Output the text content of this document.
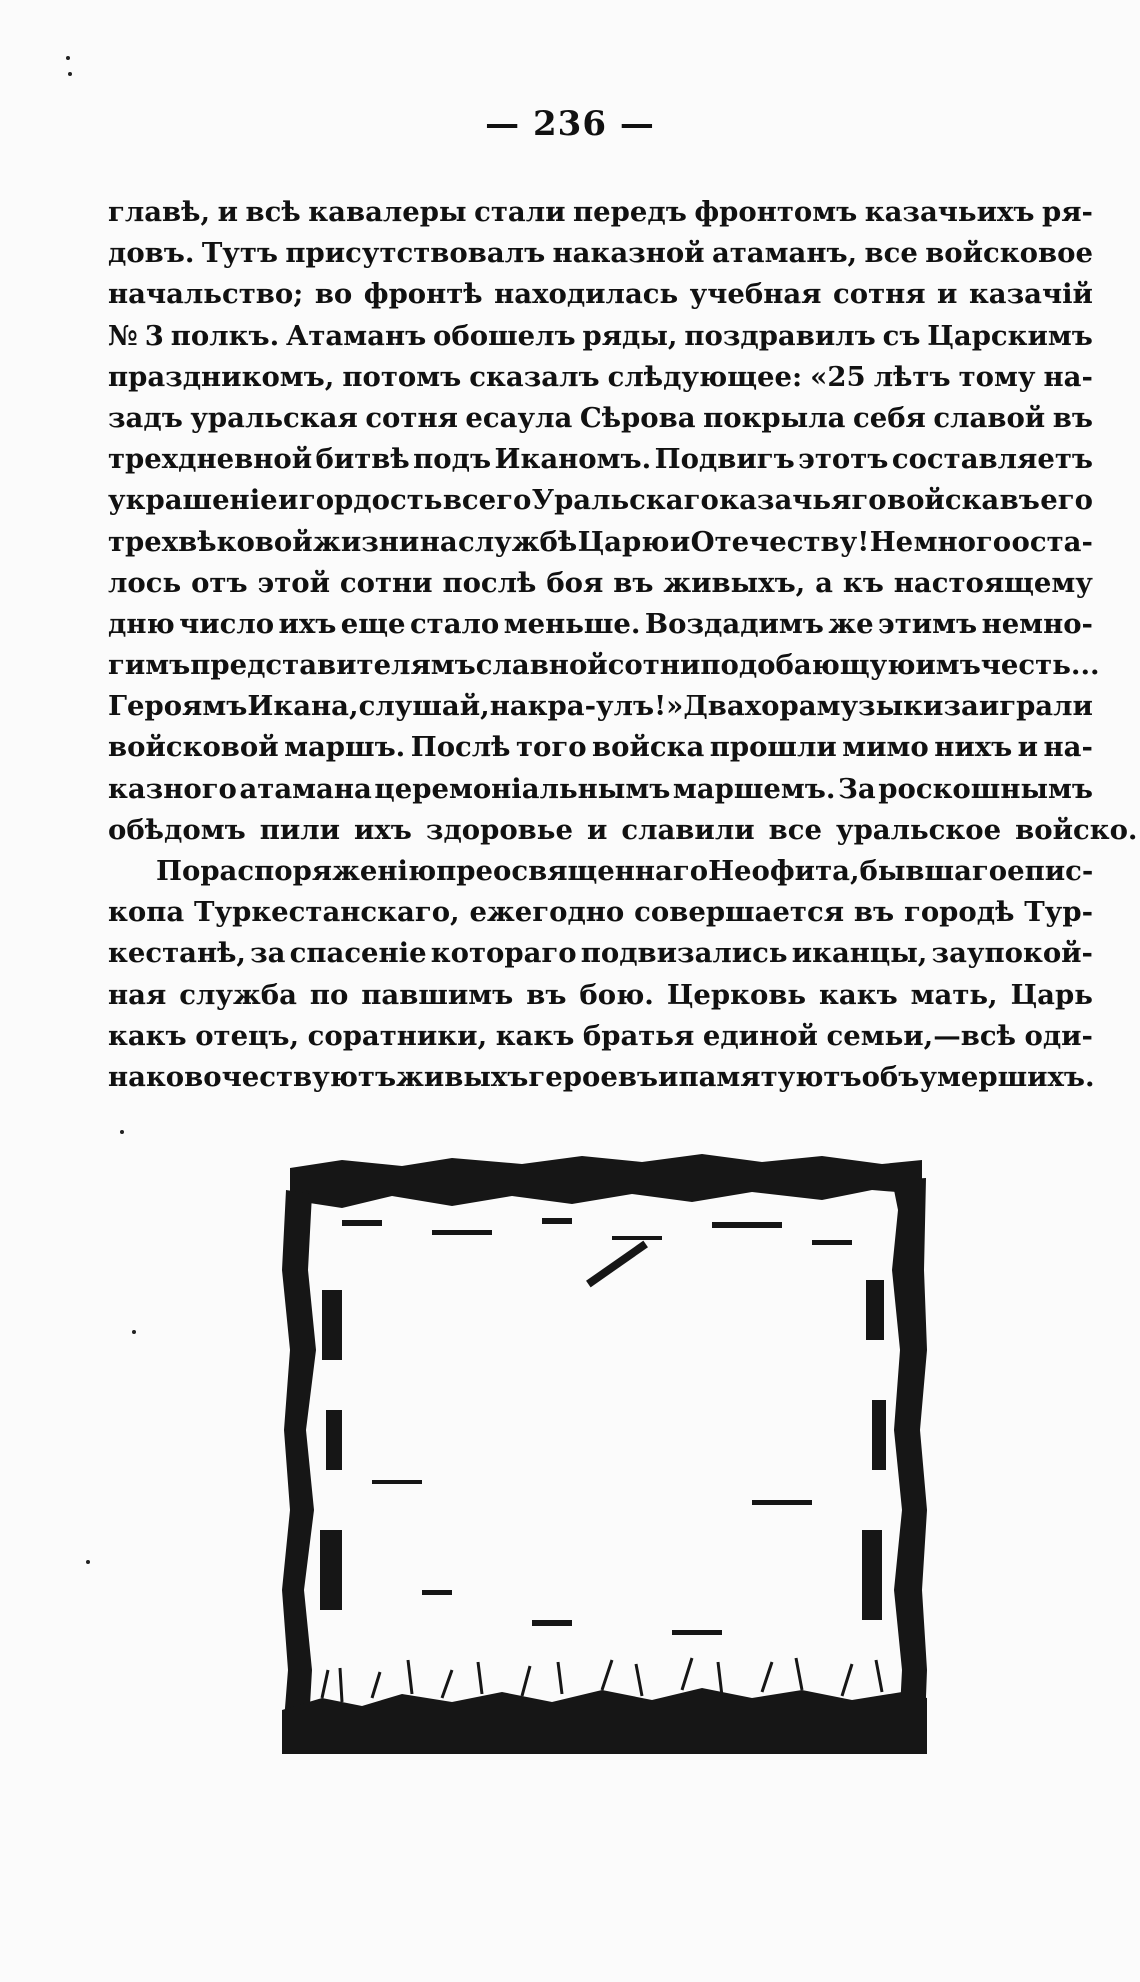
— 236 —
главѣ, и всѣ кавалеры стали передъ фронтомъ казачьихъ ря-
довъ. Тутъ присутствовалъ наказной атаманъ, все войсковое
начальство; во фронтѣ находилась учебная сотня и казачій
№ 3 полкъ. Атаманъ обошелъ ряды, поздравилъ съ Царскимъ
праздникомъ, потомъ сказалъ слѣдующее: «25 лѣтъ тому на-
задъ уральская сотня есаула Сѣрова покрыла себя славой въ
трехдневной битвѣ подъ Иканомъ. Подвигъ этотъ составляетъ
украшеніе и гордость всего Уральскаго казачьяго войска въ его
трехвѣковой жизни на службѣ Царю и Отечеству! Не много оста-
лось отъ этой сотни послѣ боя въ живыхъ, а къ настоящему
дню число ихъ еще стало меньше. Воздадимъ же этимъ немно-
гимъ представителямъ славной сотни подобающую имъ честь...
Героямъ Икана, слушай, на кра-улъ!» Два хора музыки заиграли
войсковой маршъ. Послѣ того войска прошли мимо нихъ и на-
казного атамана церемоніальнымъ маршемъ. За роскошнымъ
обѣдомъ пили ихъ здоровье и славили все уральское войско.
По распоряженію преосвященнаго Неофита, бывшаго епис-
копа Туркестанскаго, ежегодно совершается въ городѣ Тур-
кестанѣ, за спасеніе котораго подвизались иканцы, заупокой-
ная служба по павшимъ въ бою. Церковь какъ мать, Царь
какъ отецъ, соратники, какъ братья единой семьи,—всѣ оди-
наково чествуютъ живыхъ героевъ и памятуютъ объ умершихъ.
